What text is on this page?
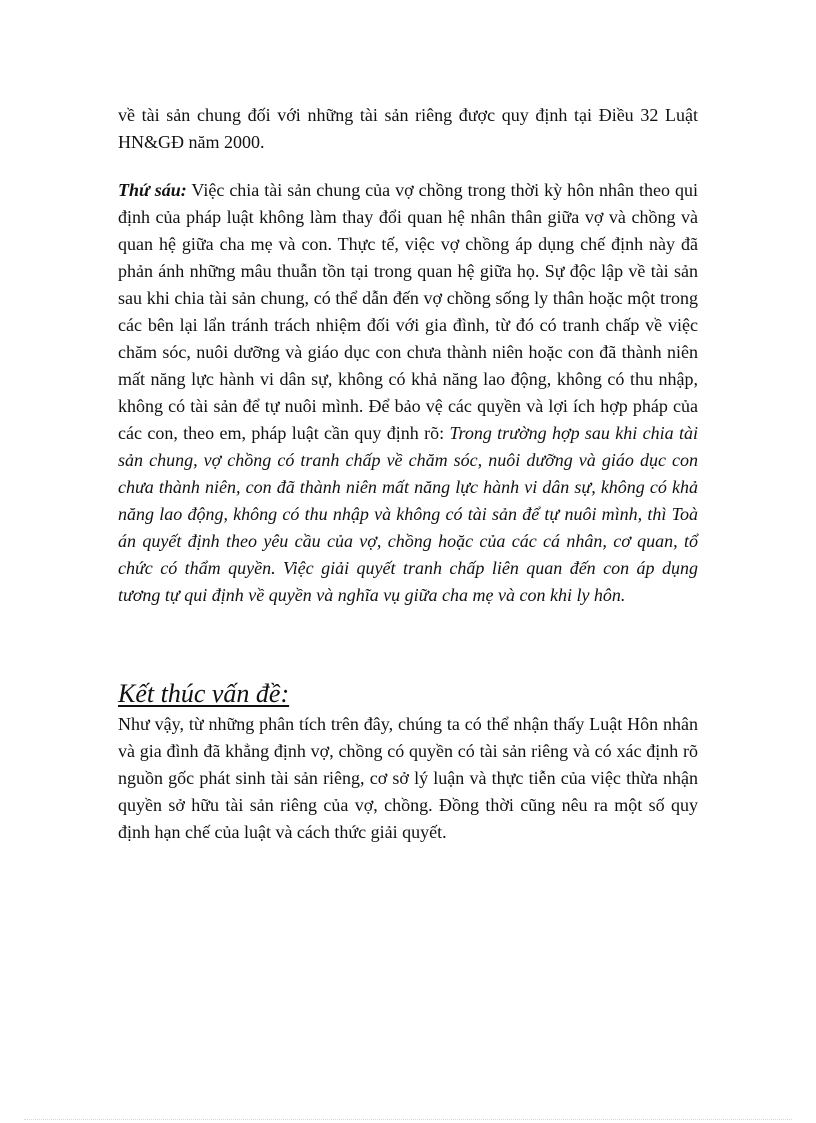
về tài sản chung đối với những tài sản riêng được quy định tại Điều 32 Luật HN&GĐ năm 2000.

Thứ sáu: Việc chia tài sản chung của vợ chồng trong thời kỳ hôn nhân theo qui định của pháp luật không làm thay đổi quan hệ nhân thân giữa vợ và chồng và quan hệ giữa cha mẹ và con. Thực tế, việc vợ chồng áp dụng chế định này đã phản ánh những mâu thuẫn tồn tại trong quan hệ giữa họ. Sự độc lập về tài sản sau khi chia tài sản chung, có thể dẫn đến vợ chồng sống ly thân hoặc một trong các bên lại lẩn tránh trách nhiệm đối với gia đình, từ đó có tranh chấp về việc chăm sóc, nuôi dưỡng và giáo dục con chưa thành niên hoặc con đã thành niên mất năng lực hành vi dân sự, không có khả năng lao động, không có thu nhập, không có tài sản để tự nuôi mình. Để bảo vệ các quyền và lợi ích hợp pháp của các con, theo em, pháp luật cần quy định rõ: Trong trường hợp sau khi chia tài sản chung, vợ chồng có tranh chấp về chăm sóc, nuôi dưỡng và giáo dục con chưa thành niên, con đã thành niên mất năng lực hành vi dân sự, không có khả năng lao động, không có thu nhập và không có tài sản để tự nuôi mình, thì Toà án quyết định theo yêu cầu của vợ, chồng hoặc của các cá nhân, cơ quan, tổ chức có thẩm quyền. Việc giải quyết tranh chấp liên quan đến con áp dụng tương tự qui định về quyền và nghĩa vụ giữa cha mẹ và con khi ly hôn.

Kết thúc vấn đề:

Như vậy, từ những phân tích trên đây, chúng ta có thể nhận thấy Luật Hôn nhân và gia đình đã khẳng định vợ, chồng có quyền có tài sản riêng và có xác định rõ nguồn gốc phát sinh tài sản riêng, cơ sở lý luận và thực tiễn của việc thừa nhận quyền sở hữu tài sản riêng của vợ, chồng. Đồng thời cũng nêu ra một số quy định hạn chế của luật và cách thức giải quyết.
